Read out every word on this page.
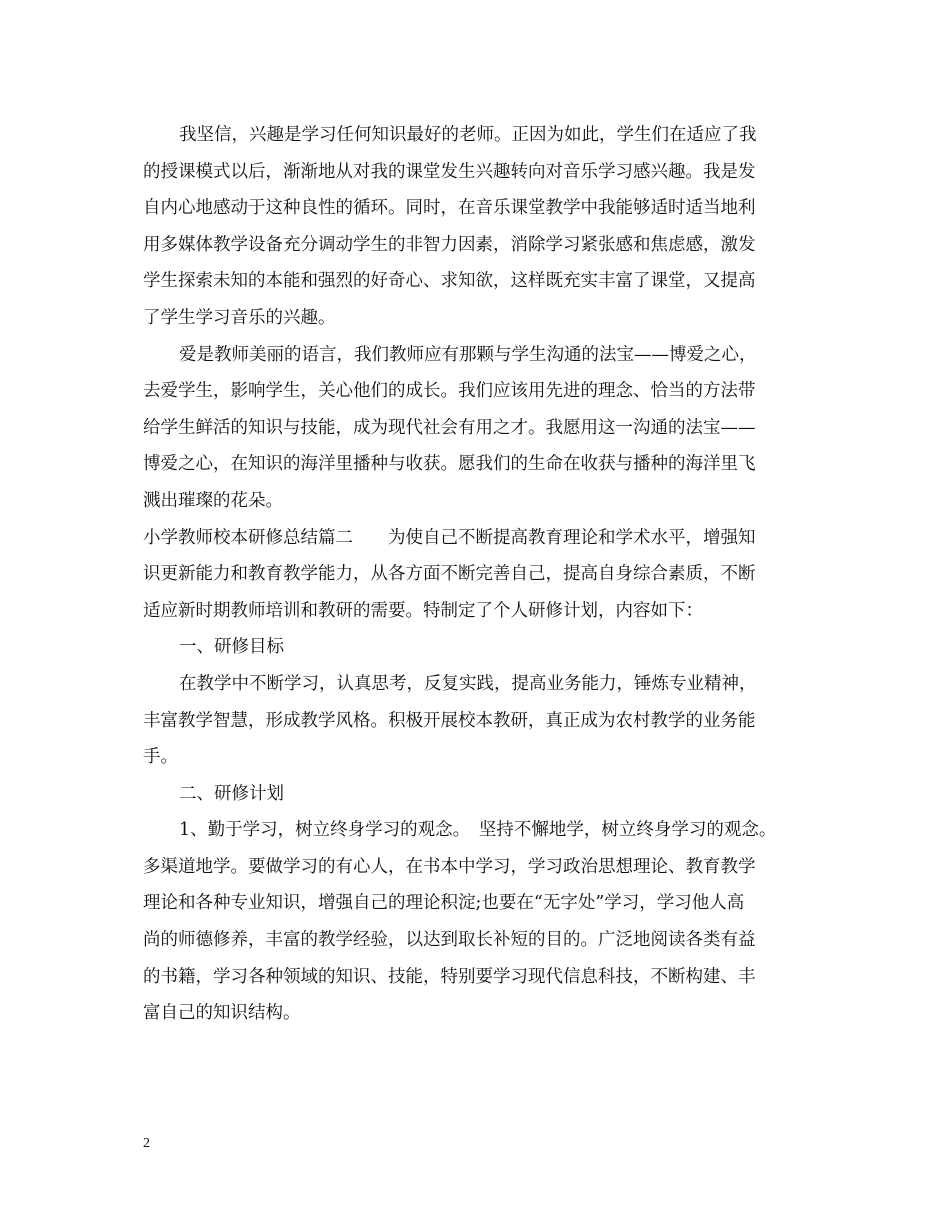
我坚信，兴趣是学习任何知识最好的老师。正因为如此，学生们在适应了我
的授课模式以后，渐渐地从对我的课堂发生兴趣转向对音乐学习感兴趣。我是发
自内心地感动于这种良性的循环。同时，在音乐课堂教学中我能够适时适当地利
用多媒体教学设备充分调动学生的非智力因素，消除学习紧张感和焦虑感，激发
学生探索未知的本能和强烈的好奇心、求知欲，这样既充实丰富了课堂，又提高
了学生学习音乐的兴趣。
爱是教师美丽的语言，我们教师应有那颗与学生沟通的法宝——博爱之心，
去爱学生，影响学生，关心他们的成长。我们应该用先进的理念、恰当的方法带
给学生鲜活的知识与技能，成为现代社会有用之才。我愿用这一沟通的法宝——
博爱之心，在知识的海洋里播种与收获。愿我们的生命在收获与播种的海洋里飞
溅出璀璨的花朵。
小学教师校本研修总结篇二　　为使自己不断提高教育理论和学术水平，增强知
识更新能力和教育教学能力，从各方面不断完善自己，提高自身综合素质，不断
适应新时期教师培训和教研的需要。特制定了个人研修计划，内容如下：
一、研修目标
在教学中不断学习，认真思考，反复实践，提高业务能力，锤炼专业精神，
丰富教学智慧，形成教学风格。积极开展校本教研，真正成为农村教学的业务能
手。
二、研修计划
1、勤于学习，树立终身学习的观念。　坚持不懈地学，树立终身学习的观念。
多渠道地学。要做学习的有心人，在书本中学习，学习政治思想理论、教育教学
理论和各种专业知识，增强自己的理论积淀;也要在“无字处”学习，学习他人高
尚的师德修养，丰富的教学经验，以达到取长补短的目的。广泛地阅读各类有益
的书籍，学习各种领域的知识、技能，特别要学习现代信息科技，不断构建、丰
富自己的知识结构。
2
